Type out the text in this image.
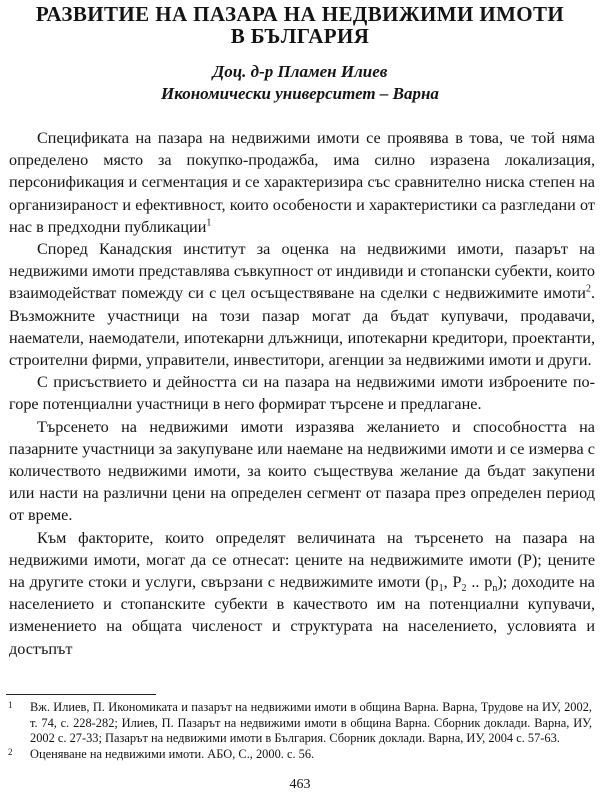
РАЗВИТИЕ НА ПАЗАРА НА НЕДВИЖИМИ ИМОТИ
В БЪЛГАРИЯ
Доц. д-р Пламен Илиев
Икономически университет – Варна

Спецификата на пазара на недвижими имоти се проявява в това, че той няма определено място за покупко-продажба, има силно изразена локализация, персонификация и сегментация и се характеризира със сравнително ниска степен на организираност и ефективност, които особености и характеристики са разгледани от нас в предходни публикации$^1$

Според Канадския институт за оценка на недвижими имоти, пазарът на недвижими имоти представлява съвкупност от индивиди и стопански субекти, които взаимодействат помежду си с цел осъществяване на сделки с недвижимите имоти$^2$. Възможните участници на този пазар могат да бъдат купувачи, продавачи, наематели, наемодатели, ипотекарни длъжници, ипотекарни кредитори, проектанти, строителни фирми, управители, инвеститори, агенции за недвижими имоти и други.

С присъствието и дейността си на пазара на недвижими имоти изброените по-горе потенциални участници в него формират търсене и предлагане.

Търсенето на недвижими имоти изразява желанието и способността на пазарните участници за закупуване или наемане на недвижими имоти и се измерва с количеството недвижими имоти, за които съществува желание да бъдат закупени или насти на различни цени на определен сегмент от пазара през определен период от време.

Към факторите, които определят величината на търсенето на пазара на недвижими имоти, могат да се отнесат: цените на недвижимите имоти (P); цените на другите стоки и услуги, свързани с недвижимите имоти ($p_1$, $P_2$ .. $p_n$); доходите на населението и стопанските субекти в качеството им на потенциални купувачи, изменението на общата численост и структурата на населението, условията и достъпът

1 Вж. Илиев, П. Икономиката и пазарът на недвижими имоти в община Варна. Варна, Трудове на ИУ, 2002, т. 74, с. 228-282; Илиев, П. Пазарът на недвижими имоти в община Варна. Сборник доклади. Варна, ИУ, 2002 с. 27-33; Пазарът на недвижими имоти в България. Сборник доклади. Варна, ИУ, 2004 с. 57-63.
2 Оценяване на недвижими имоти. АБО, С., 2000. с. 56.
463
